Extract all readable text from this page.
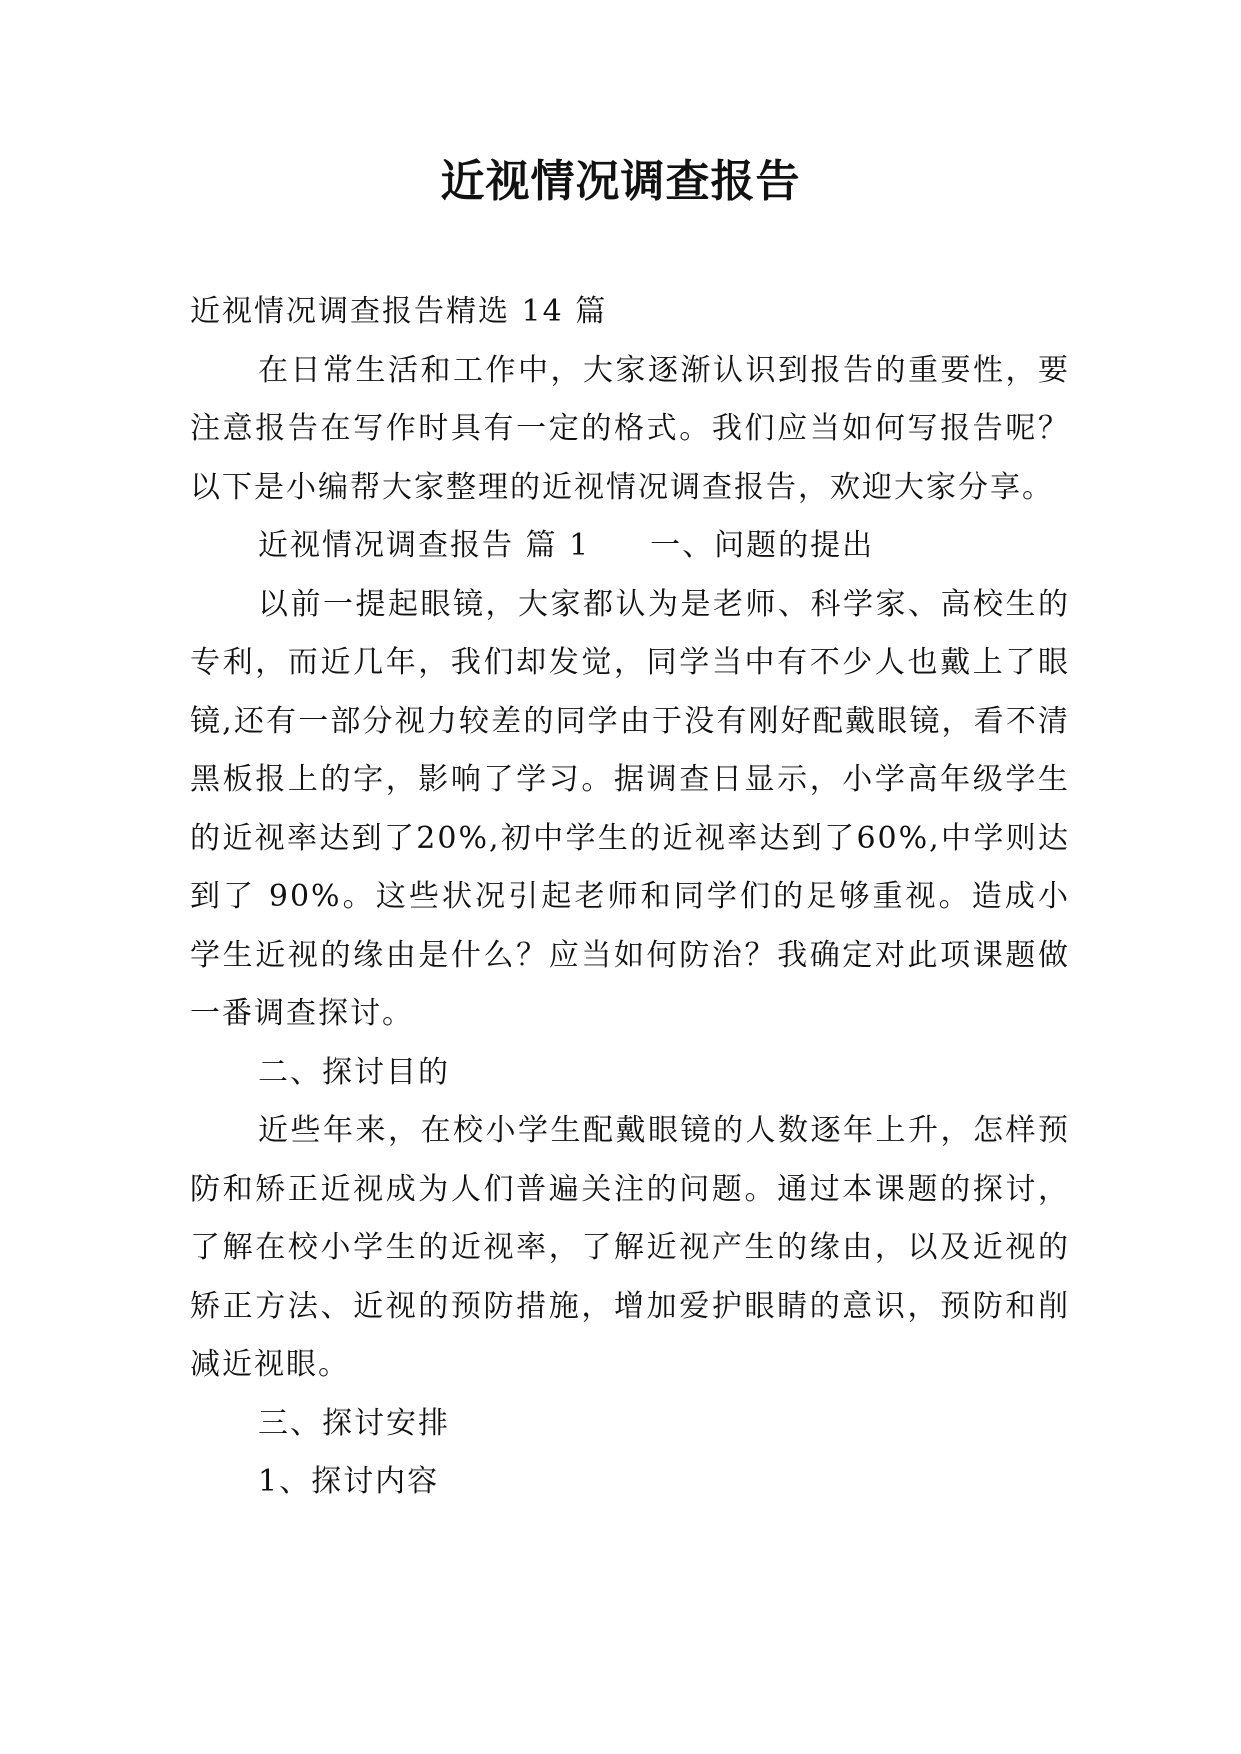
近视情况调查报告

近视情况调查报告精选 14 篇

在日常生活和工作中，大家逐渐认识到报告的重要性，要注意报告在写作时具有一定的格式。我们应当如何写报告呢？以下是小编帮大家整理的近视情况调查报告，欢迎大家分享。

近视情况调查报告 篇 1 一、问题的提出

以前一提起眼镜，大家都认为是老师、科学家、高校生的专利，而近几年，我们却发觉，同学当中有不少人也戴上了眼镜,还有一部分视力较差的同学由于没有刚好配戴眼镜，看不清黑板报上的字，影响了学习。据调查日显示，小学高年级学生的近视率达到了20%,初中学生的近视率达到了60%,中学则达到了 90%。这些状况引起老师和同学们的足够重视。造成小学生近视的缘由是什么？应当如何防治？我确定对此项课题做一番调查探讨。

二、探讨目的

近些年来，在校小学生配戴眼镜的人数逐年上升，怎样预防和矫正近视成为人们普遍关注的问题。通过本课题的探讨，了解在校小学生的近视率，了解近视产生的缘由，以及近视的矫正方法、近视的预防措施，增加爱护眼睛的意识，预防和削减近视眼。

三、探讨安排

1、探讨内容
